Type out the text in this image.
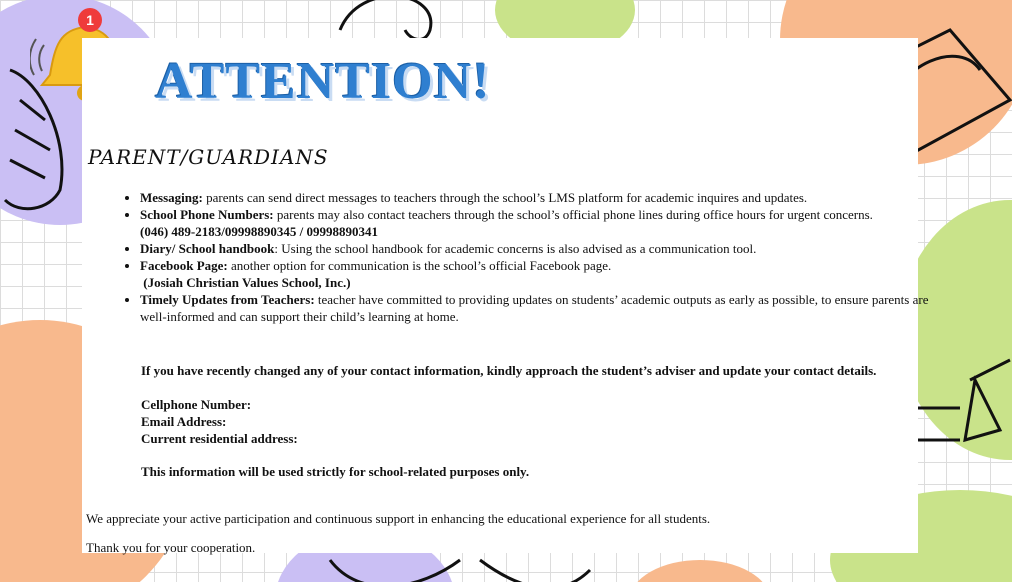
1
ATTENTION!
PARENT/GUARDIANS
• Messaging: parents can send direct messages to teachers through the school’s LMS platform for academic inquires and updates.
• School Phone Numbers: parents may also contact teachers through the school’s official phone lines during office hours for urgent concerns.
(046) 489-2183/09998890345 / 09998890341
• Diary/ School handbook: Using the school handbook for academic concerns is also advised as a communication tool.
• Facebook Page: another option for communication is the school’s official Facebook page.
(Josiah Christian Values School, Inc.)
• Timely Updates from Teachers: teacher have committed to providing updates on students’ academic outputs as early as possible, to ensure parents are well-informed and can support their child’s learning at home.
If you have recently changed any of your contact information, kindly approach the student’s adviser and update your contact details.
Cellphone Number:
Email Address:
Current residential address:
This information will be used strictly for school-related purposes only.
We appreciate your active participation and continuous support in enhancing the educational experience for all students.
Thank you for your cooperation.
